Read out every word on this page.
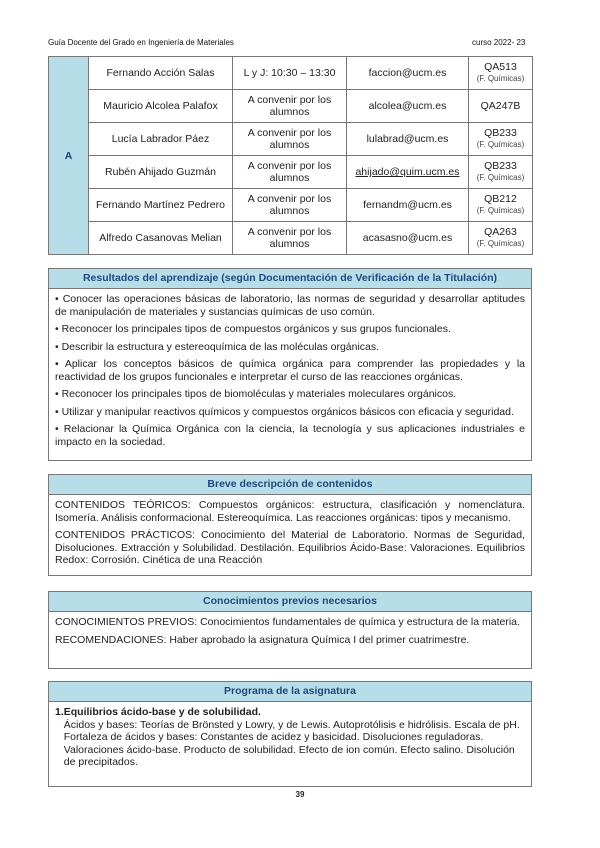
Guía Docente del Grado en Ingeniería de Materiales	curso 2022- 23
A	Fernando Acción Salas	L y J: 10:30 – 13:30	faccion@ucm.es	QA513
(F. Químicas)

	Mauricio Alcolea Palafox	A convenir por los alumnos	alcolea@ucm.es	QA247B

	Lucía Labrador Páez	A convenir por los alumnos	lulabrad@ucm.es	QB233
(F. Químicas)

	Rubén Ahijado Guzmán	A convenir por los alumnos	ahijado@quim.ucm.es	QB233
(F. Químicas)

	Fernando Martínez Pedrero	A convenir por los alumnos	fernandm@ucm.es	QB212
(F. Químicas)

	Alfredo Casanovas Melian	A convenir por los alumnos	acasasno@ucm.es	QA263
(F. Químicas)
Resultados del aprendizaje (según Documentación de Verificación de la Titulación)

• Conocer las operaciones básicas de laboratorio, las normas de seguridad y desarrollar aptitudes de manipulación de materiales y sustancias químicas de uso común.

• Reconocer los principales tipos de compuestos orgánicos y sus grupos funcionales.

• Describir la estructura y estereoquímica de las moléculas orgánicas.

• Aplicar los conceptos básicos de química orgánica para comprender las propiedades y la reactividad de los grupos funcionales e interpretar el curso de las reacciones orgánicas.

• Reconocer los principales tipos de biomoléculas y materiales moleculares orgánicos.

• Utilizar y manipular reactivos químicos y compuestos orgánicos básicos con eficacia y seguridad.

• Relacionar la Química Orgánica con la ciencia, la tecnología y sus aplicaciones industriales e impacto en la sociedad.

Breve descripción de contenidos

CONTENIDOS TEÓRICOS: Compuestos orgánicos: estructura, clasificación y nomenclatura. Isomería. Análisis conformacional. Estereoquímica. Las reacciones orgánicas: tipos y mecanismo.

CONTENIDOS PRÁCTICOS: Conocimiento del Material de Laboratorio. Normas de Seguridad, Disoluciones. Extracción y Solubilidad. Destilación. Equilibrios Ácido-Base: Valoraciones. Equilibrios Redox: Corrosión. Cinética de una Reacción

Conocimientos previos necesarios

CONOCIMIENTOS PREVIOS: Conocimientos fundamentales de química y estructura de la materia.

RECOMENDACIONES: Haber aprobado la asignatura Química I del primer cuatrimestre.

Programa de la asignatura
1. Equilibrios ácido-base y de solubilidad.
Ácidos y bases: Teorías de Brönsted y Lowry, y de Lewis. Autoprotólisis e hidrólisis. Escala de pH. Fortaleza de ácidos y bases: Constantes de acidez y basicidad. Disoluciones reguladoras. Valoraciones ácido-base. Producto de solubilidad. Efecto de ion común. Efecto salino. Disolución de precipitados.
39
